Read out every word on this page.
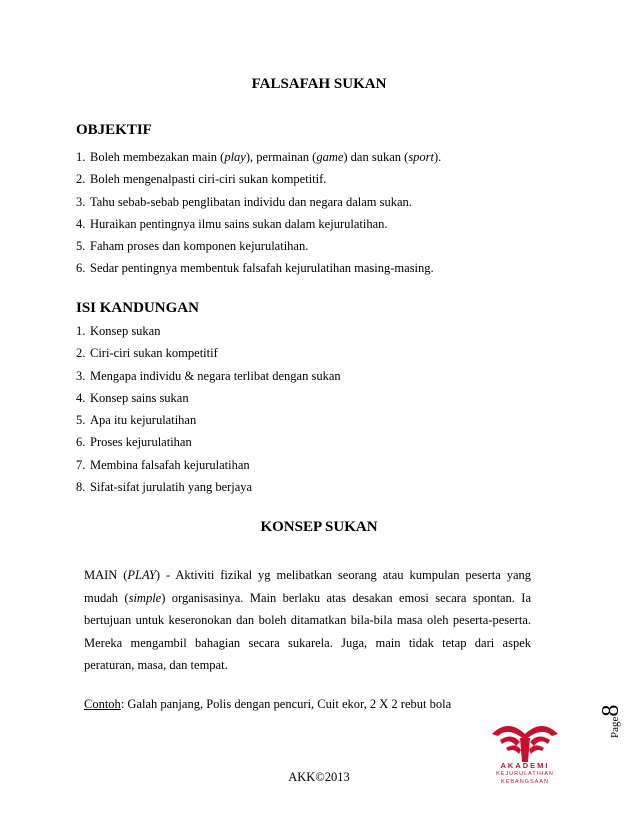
FALSAFAH SUKAN
OBJEKTIF
1. Boleh membezakan main (play), permainan (game) dan sukan (sport).
2. Boleh mengenalpasti ciri-ciri sukan kompetitif.
3. Tahu sebab-sebab penglibatan individu dan negara dalam sukan.
4. Huraikan pentingnya ilmu sains sukan dalam kejurulatihan.
5. Faham proses dan komponen kejurulatihan.
6. Sedar pentingnya membentuk falsafah kejurulatihan masing-masing.
ISI KANDUNGAN
1. Konsep sukan
2. Ciri-ciri sukan kompetitif
3. Mengapa individu & negara terlibat dengan sukan
4. Konsep sains sukan
5. Apa itu kejurulatihan
6. Proses kejurulatihan
7. Membina falsafah kejurulatihan
8. Sifat-sifat jurulatih yang berjaya
KONSEP SUKAN
MAIN (PLAY) - Aktiviti fizikal yg melibatkan seorang atau kumpulan peserta yang mudah (simple) organisasinya. Main berlaku atas desakan emosi secara spontan. Ia bertujuan untuk keseronokan dan boleh ditamatkan bila-bila masa oleh peserta-peserta. Mereka mengambil bahagian secara sukarela. Juga, main tidak tetap dari aspek peraturan, masa, dan tempat.
Contoh: Galah panjang, Polis dengan pencuri, Cuit ekor, 2 X 2 rebut bola
Page8
AKADEMI
KEJURULATIHAN
KEBANGSAAN
AKK©2013
